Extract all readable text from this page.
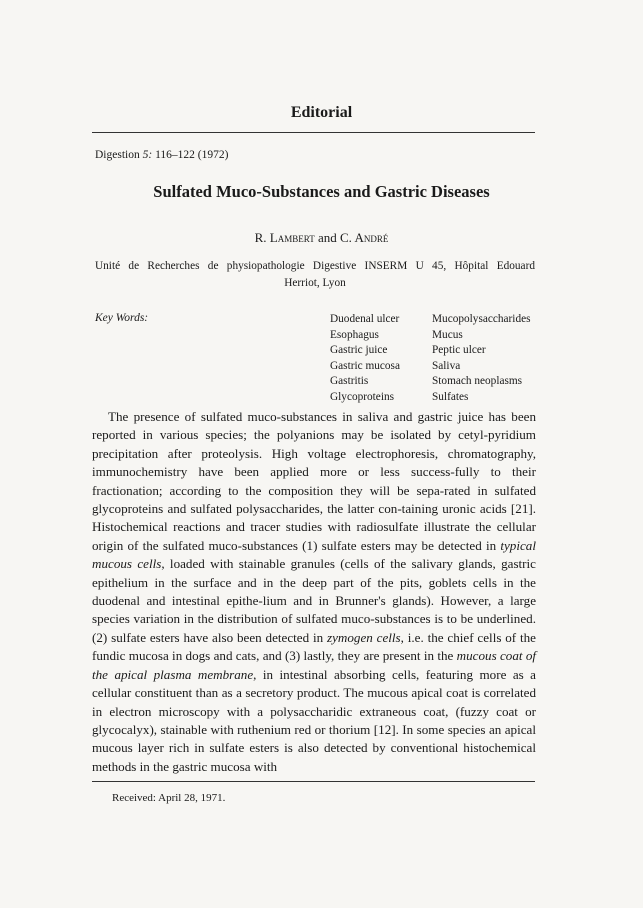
Editorial
Digestion 5: 116–122 (1972)
Sulfated Muco-Substances and Gastric Diseases
R. Lambert and C. André
Unité de Recherches de physiopathologie Digestive INSERM U 45, Hôpital Edouard
Herriot, Lyon
Key Words:	Duodenal ulcer
Esophagus
Gastric juice
Gastric mucosa
Gastritis
Glycoproteins
Mucopolysaccharides
Mucus
Peptic ulcer
Saliva
Stomach neoplasms
Sulfates

The presence of sulfated muco-substances in saliva and gastric juice has been reported in various species; the polyanions may be isolated by cetyl-pyridium precipitation after proteolysis. High voltage electrophoresis, chromatography, immunochemistry have been applied more or less success-fully to their fractionation; according to the composition they will be sepa-rated in sulfated glycoproteins and sulfated polysaccharides, the latter con-taining uronic acids [21]. Histochemical reactions and tracer studies with radiosulfate illustrate the cellular origin of the sulfated muco-substances (1) sulfate esters may be detected in typical mucous cells, loaded with stainable granules (cells of the salivary glands, gastric epithelium in the surface and in the deep part of the pits, goblets cells in the duodenal and intestinal epithe-lium and in Brunner's glands). However, a large species variation in the distribution of sulfated muco-substances is to be underlined. (2) sulfate esters have also been detected in zymogen cells, i.e. the chief cells of the fundic mucosa in dogs and cats, and (3) lastly, they are present in the mucous coat of the apical plasma membrane, in intestinal absorbing cells, featuring more as a cellular constituent than as a secretory product. The mucous apical coat is correlated in electron microscopy with a polysaccharidic extraneous coat, (fuzzy coat or glycocalyx), stainable with ruthenium red or thorium [12]. In some species an apical mucous layer rich in sulfate esters is also detected by conventional histochemical methods in the gastric mucosa with

Received: April 28, 1971.
